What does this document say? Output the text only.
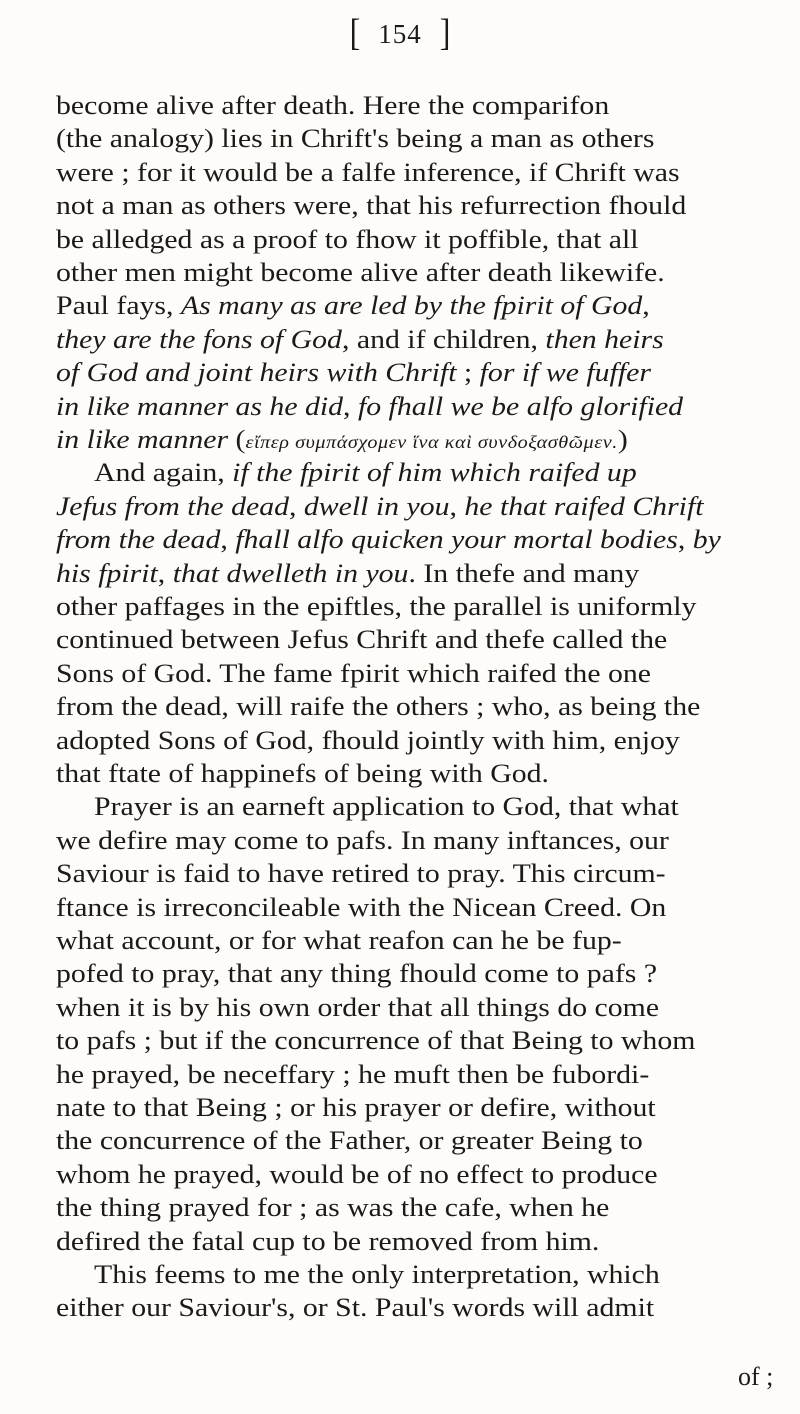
[ 154 ]
become alive after death. Here the comparifon
(the analogy) lies in Chrift's being a man as others
were ; for it would be a falfe inference, if Chrift was
not a man as others were, that his refurrection fhould
be alledged as a proof to fhow it poffible, that all
other men might become alive after death likewife.
Paul fays, As many as are led by the fpirit of God,
they are the fons of God, and if children, then heirs
of God and joint heirs with Chrift ; for if we fuffer
in like manner as he did, fo fhall we be alfo glorified
in like manner (εἴπερ συμπάσχομεν ἵνα καὶ συνδοξασθῶμεν.)
And again, if the fpirit of him which raifed up
Jefus from the dead, dwell in you, he that raifed Chrift
from the dead, fhall alfo quicken your mortal bodies, by
his fpirit, that dwelleth in you. In thefe and many
other paffages in the epiftles, the parallel is uniformly
continued between Jefus Chrift and thefe called the
Sons of God. The fame fpirit which raifed the one
from the dead, will raife the others ; who, as being the
adopted Sons of God, fhould jointly with him, enjoy
that ftate of happinefs of being with God.
Prayer is an earneft application to God, that what
we defire may come to pafs. In many inftances, our
Saviour is faid to have retired to pray. This circum-
ftance is irreconcileable with the Nicean Creed. On
what account, or for what reafon can he be fup-
pofed to pray, that any thing fhould come to pafs ?
when it is by his own order that all things do come
to pafs ; but if the concurrence of that Being to whom
he prayed, be neceffary ; he muft then be fubordi-
nate to that Being ; or his prayer or defire, without
the concurrence of the Father, or greater Being to
whom he prayed, would be of no effect to produce
the thing prayed for ; as was the cafe, when he
defired the fatal cup to be removed from him.
This feems to me the only interpretation, which
either our Saviour's, or St. Paul's words will admit
of ;
